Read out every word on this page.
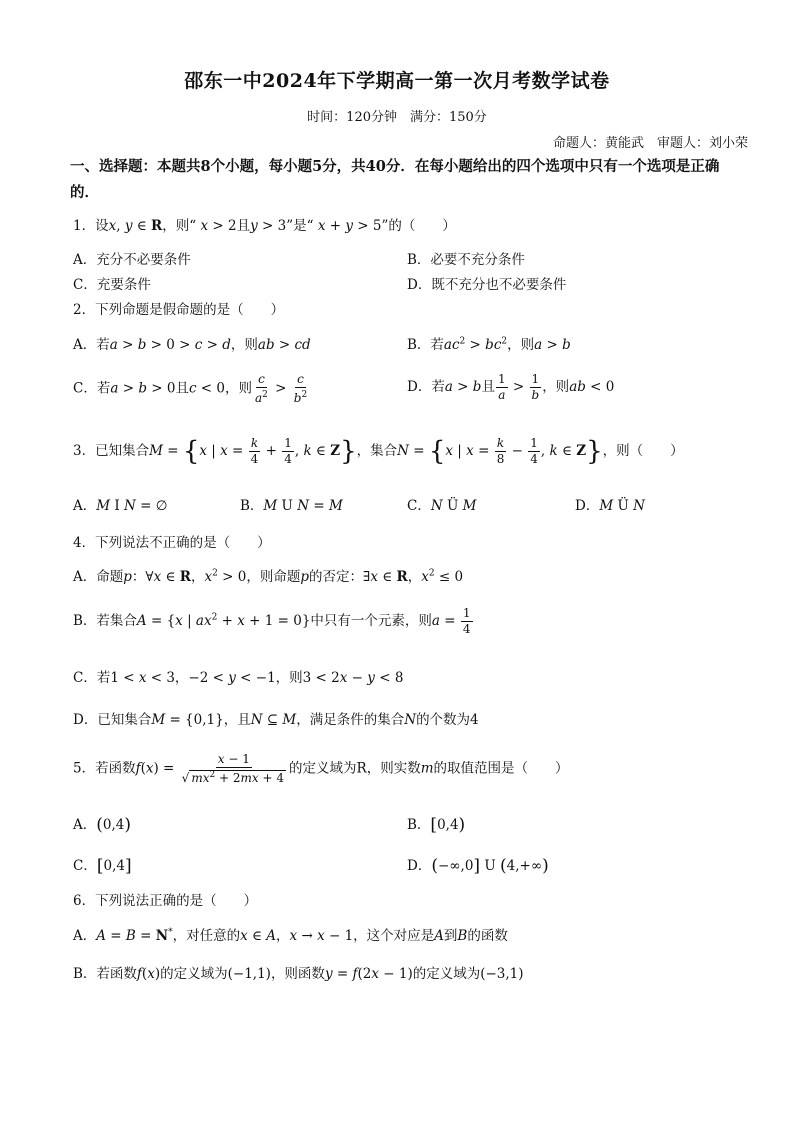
邵东一中2024年下学期高一第一次月考数学试卷
时间：120分钟　满分：150分
命题人：黄能武　审题人：刘小荣
一、选择题：本题共8个小题，每小题5分，共40分．在每小题给出的四个选项中只有一个选项是正确的．
1．设x, y ∈ R，则“ x > 2且y > 3”是“ x + y > 5”的（　　）
A．充分不必要条件	B．必要不充分条件
C．充要条件	D．既不充分也不必要条件
2．下列命题是假命题的是（　　）
A．若a > b > 0 > c > d，则ab > cd	B．若$ac^2 > bc^2$，则a > b
C．若a > b > 0且c < 0，则 $\frac{c}{a^2} > \frac{c}{b^2}$	D．若a > b且 $\frac{1}{a} > \frac{1}{b}$ ，则ab < 0
3．已知集合M = {x | $x = \frac{k}{4} + \frac{1}{4}$ , k ∈ Z}，集合N = {x | $x = \frac{k}{8} - \frac{1}{4}$ , k ∈ Z}，则（　　）
A．M I N = ∅	B．M U N = M	C．N Ü M	D．M Ü N
4．下列说法不正确的是（　　）
A．命题p：∀x ∈ R，$x^2 > 0$，则命题p的否定：∃x ∈ R，$x^2 \le 0$
B．若集合A = {x | $ax^2 + x + 1 = 0$}中只有一个元素，则$a = \frac{1}{4}$
C．若1 < x < 3，−2 < y < −1，则3 < 2x − y < 8
D．已知集合M = {0,1}，且N ⊆ M，满足条件的集合N的个数为4
5．若函数$f(x) = \frac{x - 1}{√ mx^2 + 2mx + 4}$ 的定义域为R，则实数m的取值范围是（　　）
A．(0,4)	B．[0,4)
C．[0,4]	D．(−∞,0] U (4,+∞)
6．下列说法正确的是（　　）
A．A = B = N*，对任意的x ∈ A，x → x − 1，这个对应是A到B的函数
B．若函数f(x)的定义域为(−1,1)，则函数y = f(2x − 1)的定义域为(−3,1)
